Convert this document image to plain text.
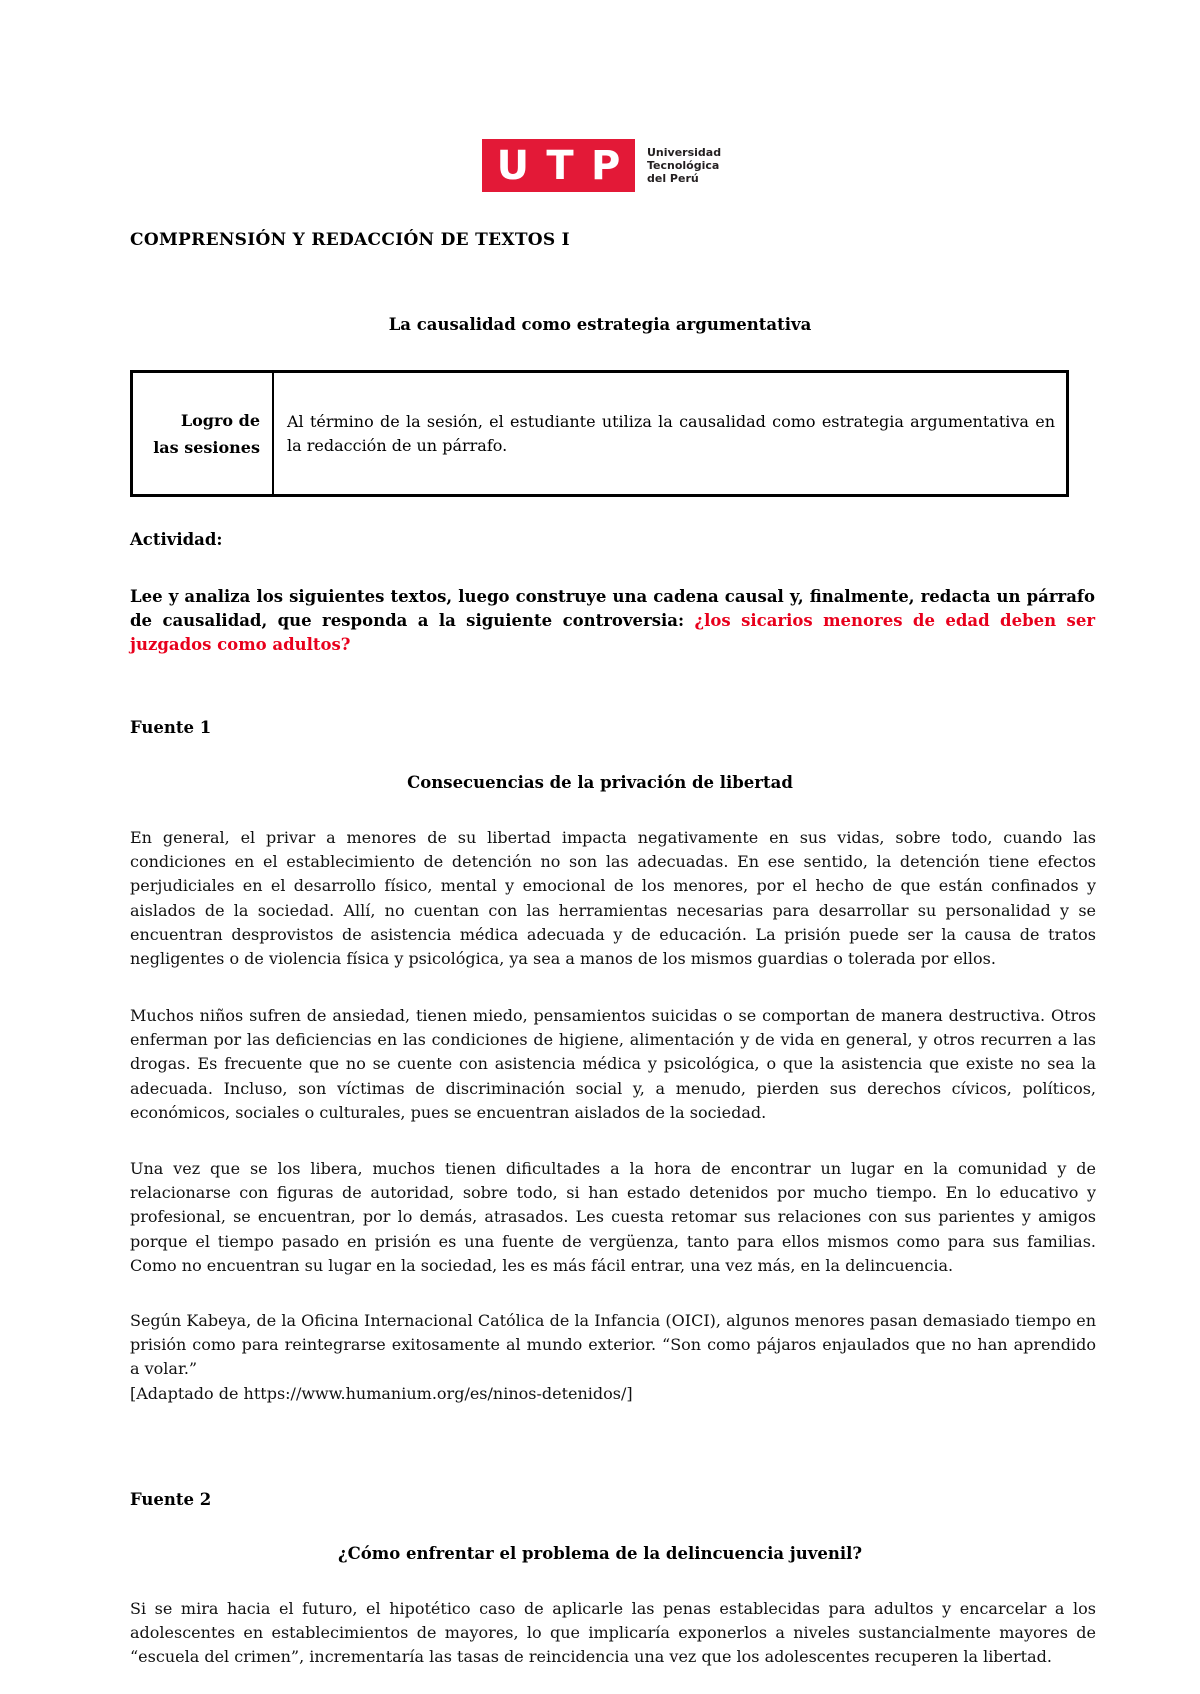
U T P Universidad
Tecnológica
del Perú
COMPRENSIÓN Y REDACCIÓN DE TEXTOS I
La causalidad como estrategia argumentativa
Logro de
las sesiones
Al término de la sesión, el estudiante utiliza la causalidad como estrategia argumentativa en la redacción de un párrafo.
Actividad:
Lee y analiza los siguientes textos, luego construye una cadena causal y, finalmente, redacta un párrafo de causalidad, que responda a la siguiente controversia: ¿los sicarios menores de edad deben ser juzgados como adultos?
Fuente 1
Consecuencias de la privación de libertad
En general, el privar a menores de su libertad impacta negativamente en sus vidas, sobre todo, cuando las condiciones en el establecimiento de detención no son las adecuadas. En ese sentido, la detención tiene efectos perjudiciales en el desarrollo físico, mental y emocional de los menores, por el hecho de que están confinados y aislados de la sociedad. Allí, no cuentan con las herramientas necesarias para desarrollar su personalidad y se encuentran desprovistos de asistencia médica adecuada y de educación. La prisión puede ser la causa de tratos negligentes o de violencia física y psicológica, ya sea a manos de los mismos guardias o tolerada por ellos.
Muchos niños sufren de ansiedad, tienen miedo, pensamientos suicidas o se comportan de manera destructiva. Otros enferman por las deficiencias en las condiciones de higiene, alimentación y de vida en general, y otros recurren a las drogas. Es frecuente que no se cuente con asistencia médica y psicológica, o que la asistencia que existe no sea la adecuada. Incluso, son víctimas de discriminación social y, a menudo, pierden sus derechos cívicos, políticos, económicos, sociales o culturales, pues se encuentran aislados de la sociedad.
Una vez que se los libera, muchos tienen dificultades a la hora de encontrar un lugar en la comunidad y de relacionarse con figuras de autoridad, sobre todo, si han estado detenidos por mucho tiempo. En lo educativo y profesional, se encuentran, por lo demás, atrasados. Les cuesta retomar sus relaciones con sus parientes y amigos porque el tiempo pasado en prisión es una fuente de vergüenza, tanto para ellos mismos como para sus familias. Como no encuentran su lugar en la sociedad, les es más fácil entrar, una vez más, en la delincuencia.
Según Kabeya, de la Oficina Internacional Católica de la Infancia (OICI), algunos menores pasan demasiado tiempo en prisión como para reintegrarse exitosamente al mundo exterior. “Son como pájaros enjaulados que no han aprendido a volar.”
[Adaptado de https://www.humanium.org/es/ninos-detenidos/]
Fuente 2
¿Cómo enfrentar el problema de la delincuencia juvenil?
Si se mira hacia el futuro, el hipotético caso de aplicarle las penas establecidas para adultos y encarcelar a los adolescentes en establecimientos de mayores, lo que implicaría exponerlos a niveles sustancialmente mayores de “escuela del crimen”, incrementaría las tasas de reincidencia una vez que los adolescentes recuperen la libertad.
